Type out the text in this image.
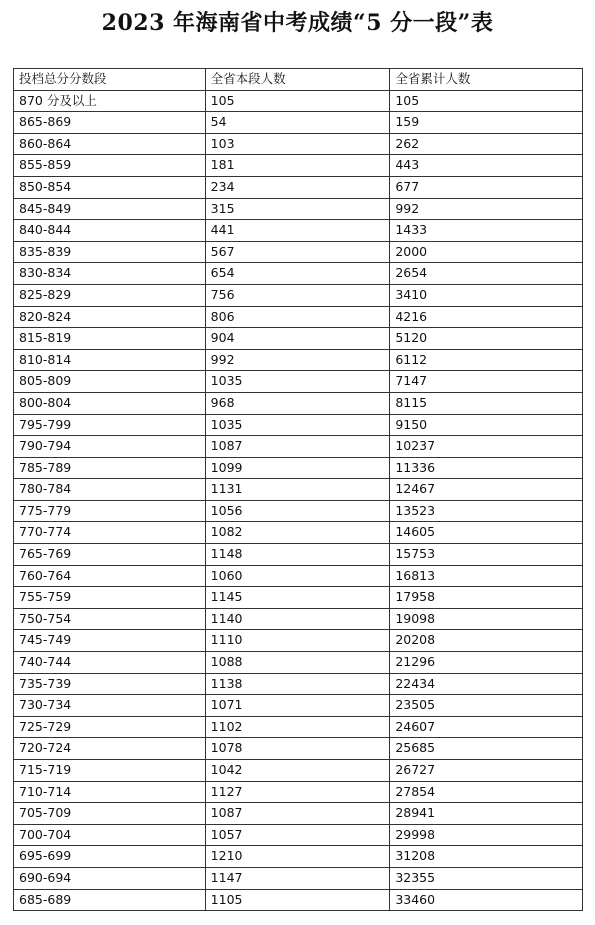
2023 年海南省中考成绩“5 分一段”表
投档总分分数段	全省本段人数	全省累计人数
870 分及以上	105	105
865-869	54	159
860-864	103	262
855-859	181	443
850-854	234	677
845-849	315	992
840-844	441	1433
835-839	567	2000
830-834	654	2654
825-829	756	3410
820-824	806	4216
815-819	904	5120
810-814	992	6112
805-809	1035	7147
800-804	968	8115
795-799	1035	9150
790-794	1087	10237
785-789	1099	11336
780-784	1131	12467
775-779	1056	13523
770-774	1082	14605
765-769	1148	15753
760-764	1060	16813
755-759	1145	17958
750-754	1140	19098
745-749	1110	20208
740-744	1088	21296
735-739	1138	22434
730-734	1071	23505
725-729	1102	24607
720-724	1078	25685
715-719	1042	26727
710-714	1127	27854
705-709	1087	28941
700-704	1057	29998
695-699	1210	31208
690-694	1147	32355
685-689	1105	33460
